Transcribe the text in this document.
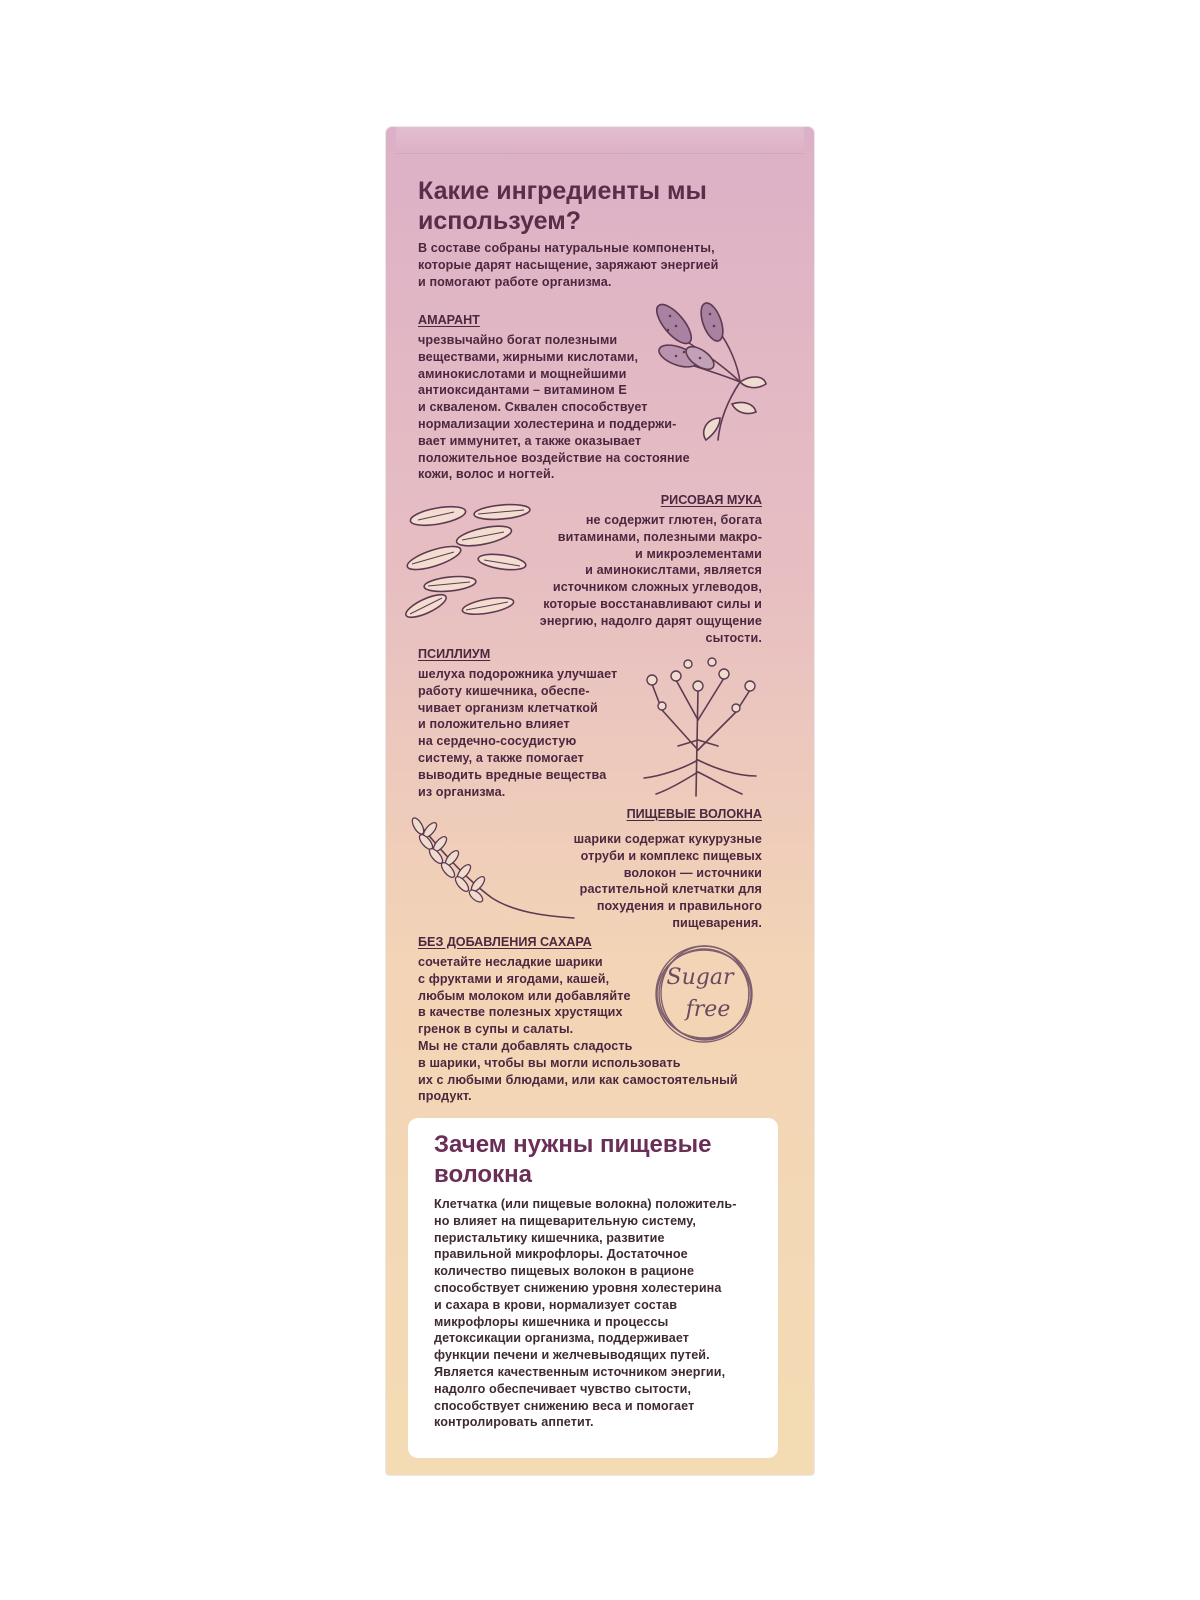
Какие ингредиенты мы используем?
В составе собраны натуральные компоненты,
которые дарят насыщение, заряжают энергией
и помогают работе организма.
АМАРАНТ
чрезвычайно богат полезными
веществами, жирными кислотами,
аминокислотами и мощнейшими
антиоксидантами – витамином Е
и скваленом. Сквален способствует
нормализации холестерина и поддержи-
вает иммунитет, а также оказывает
положительное воздействие на состояние
кожи, волос и ногтей.
РИСОВАЯ МУКА
не содержит глютен, богата
витаминами, полезными макро-
и микроэлементами
и аминокислтами, является
источником сложных углеводов,
которые восстанавливают силы и
энергию, надолго дарят ощущение
сытости.
ПСИЛЛИУМ
шелуха подорожника улучшает
работу кишечника, обеспе-
чивает организм клетчаткой
и положительно влияет
на сердечно-сосудистую
систему, а также помогает
выводить вредные вещества
из организма.
ПИЩЕВЫЕ ВОЛОКНА
шарики содержат кукурузные
отруби и комплекс пищевых
волокон — источники
растительной клетчатки для
похудения и правильного
пищеварения.
БЕЗ ДОБАВЛЕНИЯ САХАРА
сочетайте несладкие шарики
с фруктами и ягодами, кашей,
любым молоком или добавляйте
в качестве полезных хрустящих
гренок в супы и салаты.
Мы не стали добавлять сладость
в шарики, чтобы вы могли использовать
их с любыми блюдами, или как самостоятельный
продукт.
Sugar
free
Зачем нужны пищевые волокна
Клетчатка (или пищевые волокна) положитель-
но влияет на пищеварительную систему,
перистальтику кишечника, развитие
правильной микрофлоры. Достаточное
количество пищевых волокон в рационе
способствует снижению уровня холестерина
и сахара в крови, нормализует состав
микрофлоры кишечника и процессы
детоксикации организма, поддерживает
функции печени и желчевыводящих путей.
Является качественным источником энергии,
надолго обеспечивает чувство сытости,
способствует снижению веса и помогает
контролировать аппетит.
